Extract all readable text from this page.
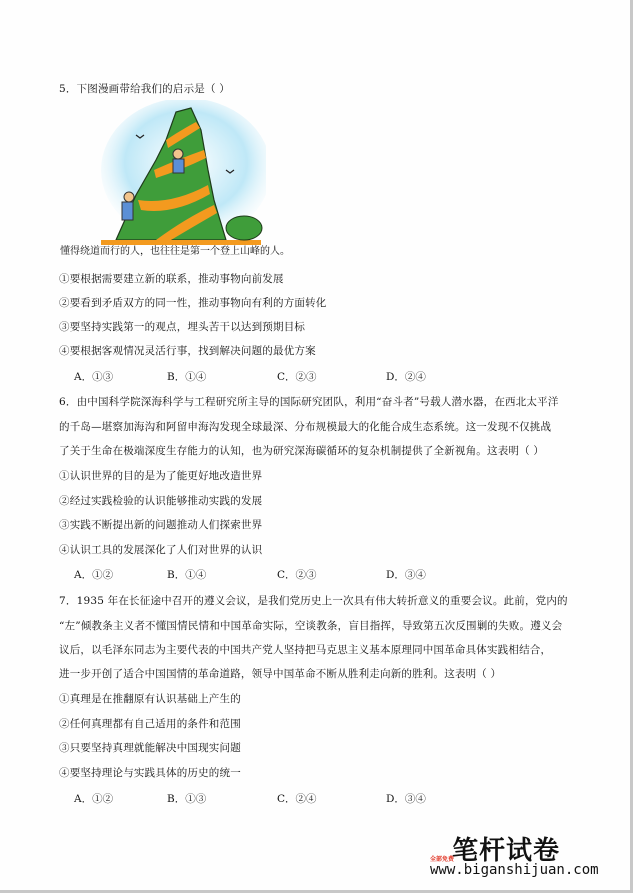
5．下图漫画带给我们的启示是（ ）
懂得绕道而行的人，也往往是第一个登上山峰的人。
①要根据需要建立新的联系，推动事物向前发展
②要看到矛盾双方的同一性，推动事物向有利的方面转化
③要坚持实践第一的观点，埋头苦干以达到预期目标
④要根据客观情况灵活行事，找到解决问题的最优方案
A．①③	B．①④	C．②③	D．②④
6．由中国科学院深海科学与工程研究所主导的国际研究团队，利用“奋斗者”号载人潜水器，在西北太平洋
的千岛—堪察加海沟和阿留申海沟发现全球最深、分布规模最大的化能合成生态系统。这一发现不仅挑战
了关于生命在极端深度生存能力的认知，也为研究深海碳循环的复杂机制提供了全新视角。这表明（ ）
①认识世界的目的是为了能更好地改造世界
②经过实践检验的认识能够推动实践的发展
③实践不断提出新的问题推动人们探索世界
④认识工具的发展深化了人们对世界的认识
A．①②	B．①④	C．②③	D．③④
7．1935 年在长征途中召开的遵义会议，是我们党历史上一次具有伟大转折意义的重要会议。此前，党内的
“左”倾教条主义者不懂国情民情和中国革命实际，空谈教条，盲目指挥，导致第五次反围剿的失败。遵义会
议后，以毛泽东同志为主要代表的中国共产党人坚持把马克思主义基本原理同中国革命具体实践相结合，
进一步开创了适合中国国情的革命道路，领导中国革命不断从胜利走向新的胜利。这表明（ ）
①真理是在推翻原有认识基础上产生的
②任何真理都有自己适用的条件和范围
③只要坚持真理就能解决中国现实问题
④要坚持理论与实践具体的历史的统一
A．①②	B．①③	C．②④	D．③④
笔杆试卷
全部免费
www.biganshijuan.com
